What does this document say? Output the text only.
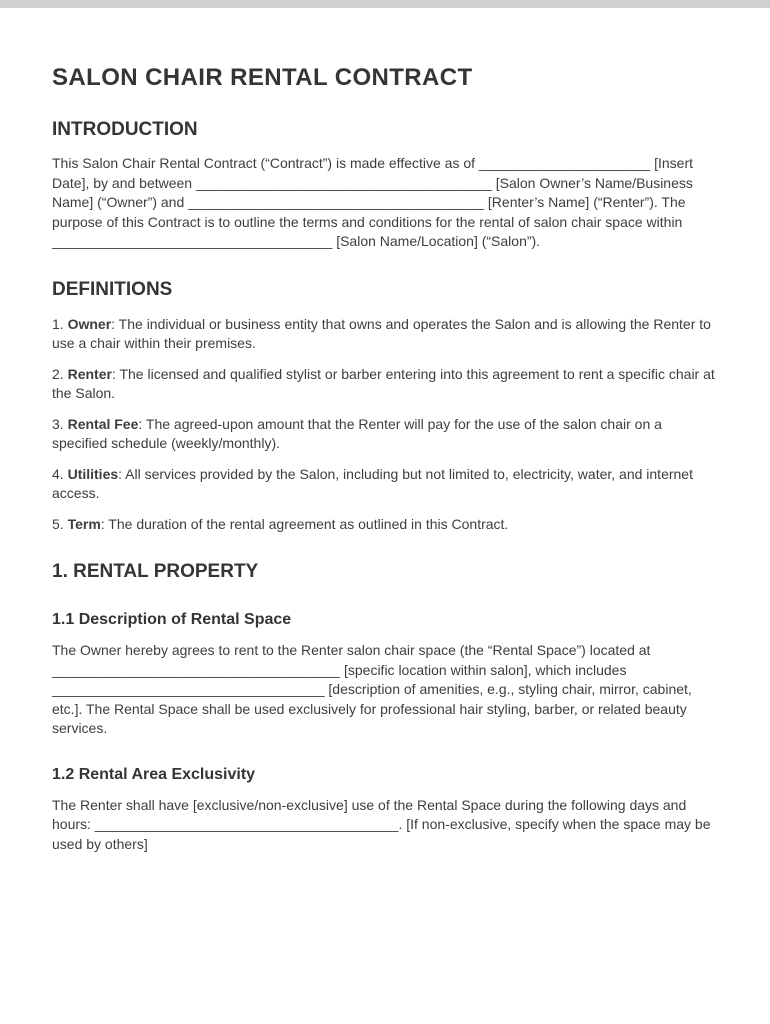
SALON CHAIR RENTAL CONTRACT
INTRODUCTION

This Salon Chair Rental Contract (“Contract”) is made effective as of ______________________ [Insert Date], by and between ______________________________________ [Salon Owner’s Name/Business Name] (“Owner”) and ______________________________________ [Renter’s Name] (“Renter”). The purpose of this Contract is to outline the terms and conditions for the rental of salon chair space within ____________________________________ [Salon Name/Location] (“Salon”).

DEFINITIONS

1. Owner: The individual or business entity that owns and operates the Salon and is allowing the Renter to use a chair within their premises.

2. Renter: The licensed and qualified stylist or barber entering into this agreement to rent a specific chair at the Salon.

3. Rental Fee: The agreed-upon amount that the Renter will pay for the use of the salon chair on a specified schedule (weekly/monthly).

4. Utilities: All services provided by the Salon, including but not limited to, electricity, water, and internet access.

5. Term: The duration of the rental agreement as outlined in this Contract.

1. RENTAL PROPERTY
1.1 Description of Rental Space

The Owner hereby agrees to rent to the Renter salon chair space (the “Rental Space”) located at _____________________________________ [specific location within salon], which includes ___________________________________ [description of amenities, e.g., styling chair, mirror, cabinet, etc.]. The Rental Space shall be used exclusively for professional hair styling, barber, or related beauty services.

1.2 Rental Area Exclusivity

The Renter shall have [exclusive/non-exclusive] use of the Rental Space during the following days and hours: _______________________________________. [If non-exclusive, specify when the space may be used by others]
